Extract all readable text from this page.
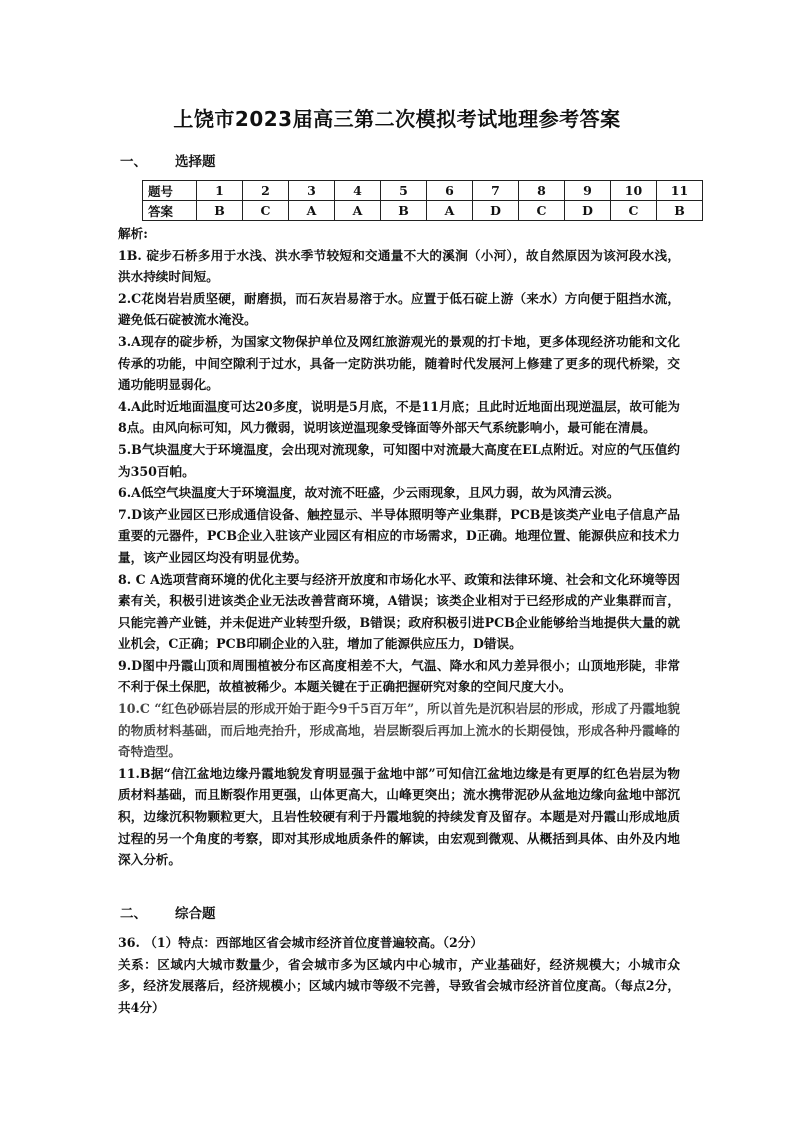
上饶市2023届高三第二次模拟考试地理参考答案
一、 选择题
题号	1	2	3	4	5	6	7	8	9	10	11
答案	B	C	A	A	B	A	D	C	D	C	B

解析:

1B. 碇步石桥多用于水浅、洪水季节较短和交通量不大的溪涧（小河），故自然原因为该河段水浅，洪水持续时间短。

2.C花岗岩岩质坚硬，耐磨损，而石灰岩易溶于水。应置于低石碇上游（来水）方向便于阻挡水流，避免低石碇被流水淹没。

3.A现存的碇步桥，为国家文物保护单位及网红旅游观光的景观的打卡地，更多体现经济功能和文化传承的功能，中间空隙利于过水，具备一定防洪功能，随着时代发展河上修建了更多的现代桥梁，交通功能明显弱化。

4.A此时近地面温度可达20多度，说明是5月底，不是11月底；且此时近地面出现逆温层，故可能为8点。由风向标可知，风力微弱，说明该逆温现象受锋面等外部天气系统影响小，最可能在清晨。

5.B气块温度大于环境温度，会出现对流现象，可知图中对流最大高度在EL点附近。对应的气压值约为350百帕。

6.A低空气块温度大于环境温度，故对流不旺盛，少云雨现象，且风力弱，故为风清云淡。

7.D该产业园区已形成通信设备、触控显示、半导体照明等产业集群，PCB是该类产业电子信息产品重要的元器件，PCB企业入驻该产业园区有相应的市场需求，D正确。地理位置、能源供应和技术力量，该产业园区均没有明显优势。

8. C A选项营商环境的优化主要与经济开放度和市场化水平、政策和法律环境、社会和文化环境等因素有关，积极引进该类企业无法改善营商环境，A错误；该类企业相对于已经形成的产业集群而言，只能完善产业链，并未促进产业转型升级，B错误；政府积极引进PCB企业能够给当地提供大量的就业机会，C正确；PCB印刷企业的入驻，增加了能源供应压力，D错误。

9.D图中丹霞山顶和周围植被分布区高度相差不大，气温、降水和风力差异很小；山顶地形陡，非常不利于保土保肥，故植被稀少。本题关键在于正确把握研究对象的空间尺度大小。

10.C “红色砂砾岩层的形成开始于距今9千5百万年”，所以首先是沉积岩层的形成，形成了丹霞地貌的物质材料基础，而后地壳抬升，形成高地，岩层断裂后再加上流水的长期侵蚀，形成各种丹霞峰的奇特造型。

11.B据“信江盆地边缘丹霞地貌发育明显强于盆地中部”可知信江盆地边缘是有更厚的红色岩层为物质材料基础，而且断裂作用更强，山体更高大，山峰更突出；流水携带泥砂从盆地边缘向盆地中部沉积，边缘沉积物颗粒更大，且岩性较硬有利于丹霞地貌的持续发育及留存。本题是对丹霞山形成地质过程的另一个角度的考察，即对其形成地质条件的解读，由宏观到微观、从概括到具体、由外及内地深入分析。

二、 综合题

36. （1）特点：西部地区省会城市经济首位度普遍较高。（2分）

关系：区域内大城市数量少，省会城市多为区域内中心城市，产业基础好，经济规模大；小城市众多，经济发展落后，经济规模小；区域内城市等级不完善，导致省会城市经济首位度高。（每点2分，共4分）
